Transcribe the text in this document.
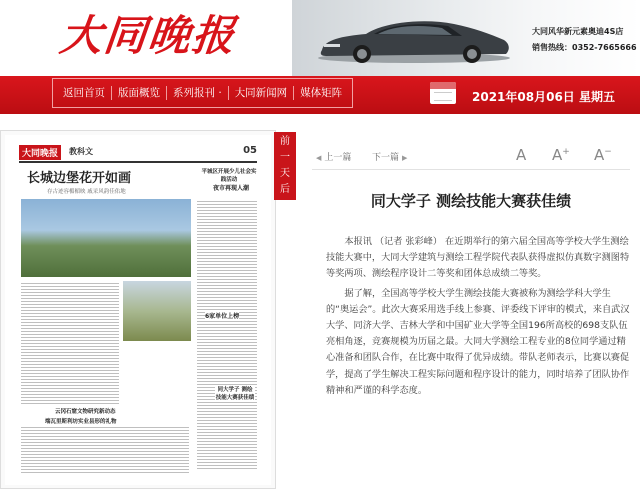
大同晚报	大同风华新元素奥迪4S店
销售热线：0352-7665666
返回首页	版面概览	系列报刊 ·	大同新闻网	媒体矩阵	2021年08月06日 星期五
大同晚报	教科文	05
长城边堡花开如画
存古迹容楣楣映 戚采风韵佳佑地
平城区开展少儿社会实践活动
夜市再现人潮
6家单位上榜
云冈石窟文物研究新动态
同大学子 测绘技能大赛获佳绩
端瓦里斯利坊实业县形的礼物
前
一
天
后
◀ 上一篇 下一篇 ▶	A A+ A−
同大学子 测绘技能大赛获佳绩

本报讯 （记者 张彩峰） 在近期举行的第六届全国高等学校大学生测绘技能大赛中，大同大学建筑与测绘工程学院代表队获得虚拟仿真数字测图特等奖两项、测绘程序设计二等奖和团体总成绩二等奖。

据了解，全国高等学校大学生测绘技能大赛被称为测绘学科大学生的“奥运会”。此次大赛采用选手线上参赛、评委线下评审的模式，来自武汉大学、同济大学、吉林大学和中国矿业大学等全国196所高校的698支队伍亮相角逐，竞赛规模为历届之最。大同大学测绘工程专业的8位同学通过精心准备和团队合作，在比赛中取得了优异成绩。带队老师表示，比赛以赛促学，提高了学生解决工程实际问题和程序设计的能力，同时培养了团队协作精神和严谨的科学态度。
